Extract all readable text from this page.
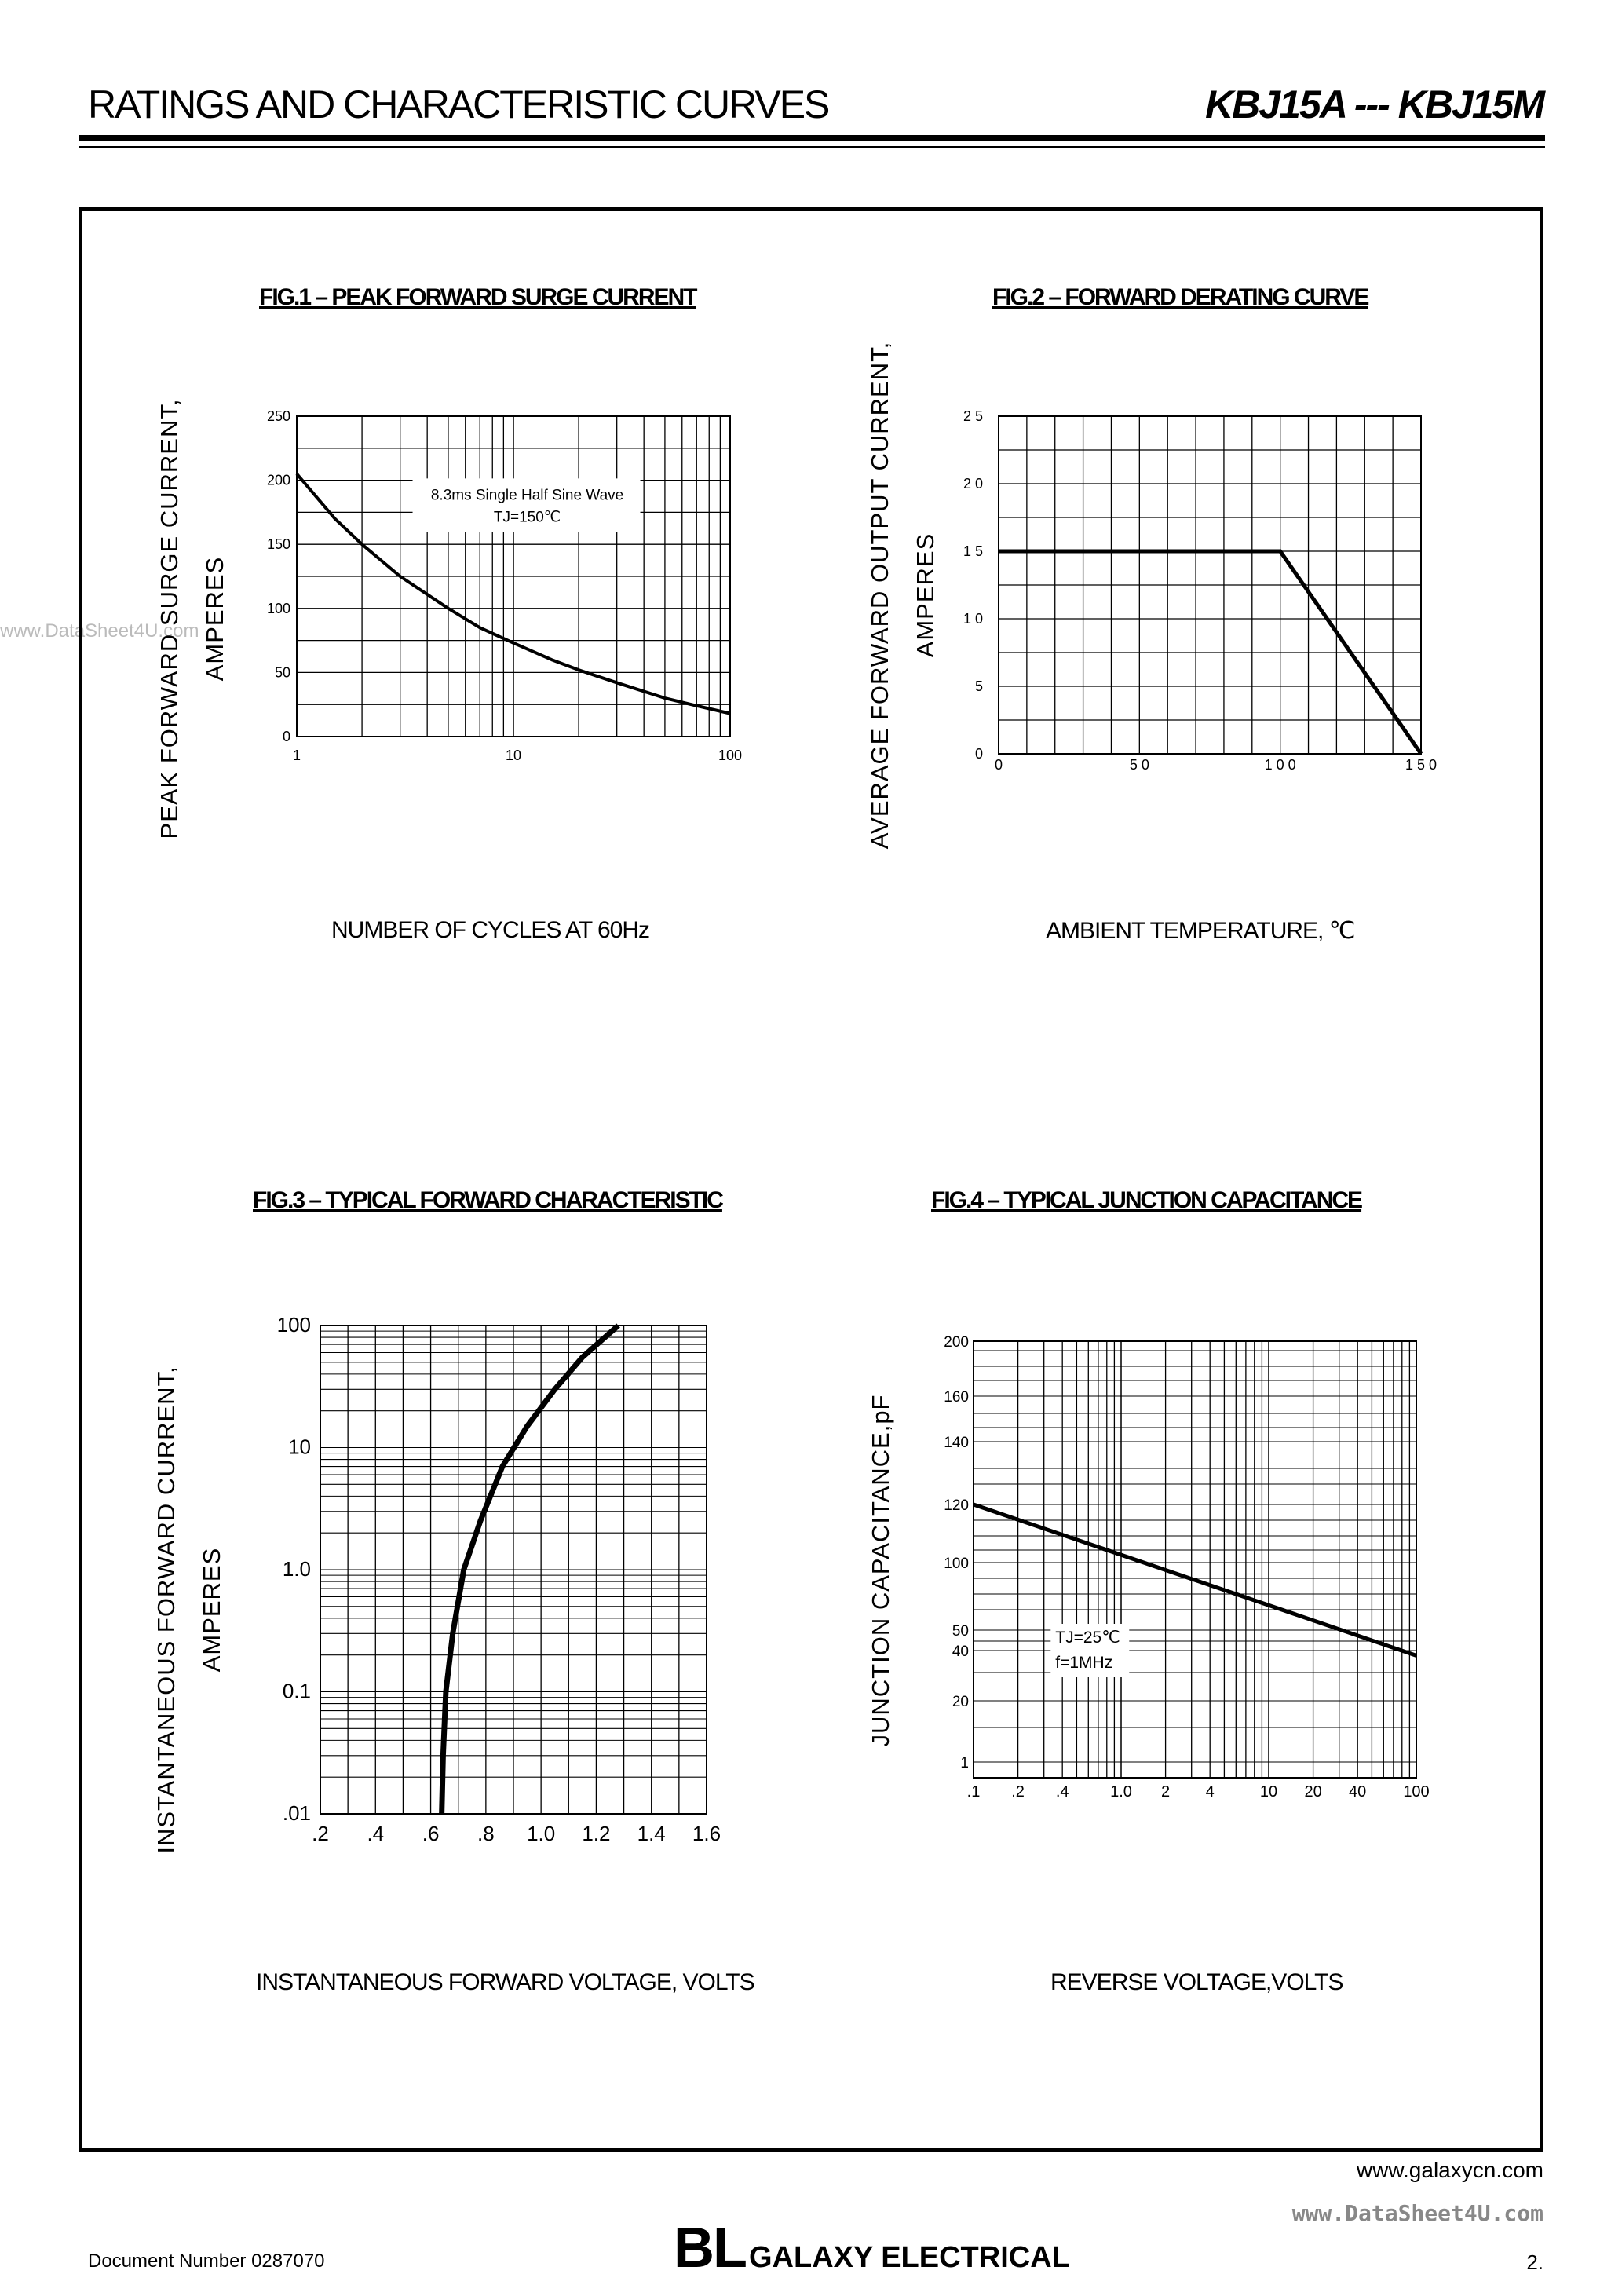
RATINGS AND CHARACTERISTIC CURVES	KBJ15A --- KBJ15M
www.DataSheet4U.com
FIG.1 – PEAK FORWARD SURGE CURRENT	FIG.2 – FORWARD DERATING CURVE
FIG.3 – TYPICAL FORWARD CHARACTERISTIC	FIG.4 – TYPICAL JUNCTION CAPACITANCE
PEAK FORWARD SURGE CURRENT, AMPERES	AVERAGE FORWARD OUTPUT CURRENT, AMPERES
INSTANTANEOUS FORWARD CURRENT, AMPERES	JUNCTION CAPACITANCE,pF
NUMBER OF CYCLES AT 60Hz	AMBIENT TEMPERATURE, ℃
INSTANTANEOUS FORWARD VOLTAGE, VOLTS	REVERSE VOLTAGE,VOLTS
0
50
100
150
200
250
1	10	100
8.3ms Single Half Sine Wave
TJ=150℃
0
5
1 0
1 5
2 0
2 5
0	5 0	1 0 0	1 5 0
.01
0.1
1.0
10
100
.2 .4 .6 .8 1.0 1.2 1.4 1.6
1
20
40
50
100
120
140
160
200
.1 .2 .4	1.0 2 4	10 20 40 100
TJ=25℃
f=1MHz
www.galaxycn.com
www.DataSheet4U.com
Document Number 0287070	BL GALAXY ELECTRICAL	2.
